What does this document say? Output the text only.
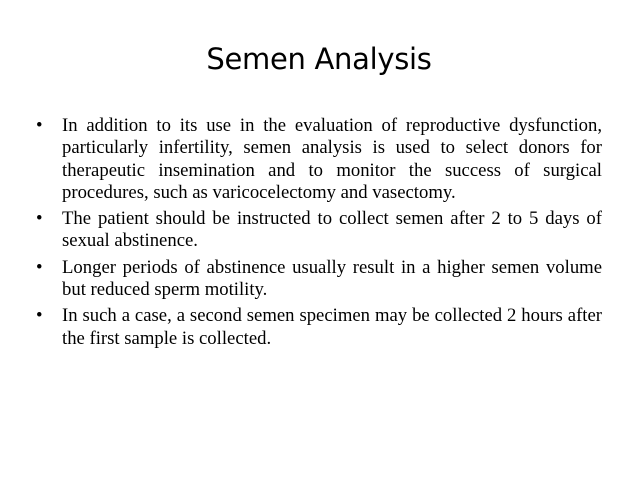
Semen Analysis
• In addition to its use in the evaluation of reproductive dysfunction, particularly infertility, semen analysis is used to select donors for therapeutic insemination and to monitor the success of surgical procedures, such as varicocelectomy and vasectomy.
• The patient should be instructed to collect semen after 2 to 5 days of sexual abstinence.
• Longer periods of abstinence usually result in a higher semen volume but reduced sperm motility.
• In such a case, a second semen specimen may be collected 2 hours after the first sample is collected.
